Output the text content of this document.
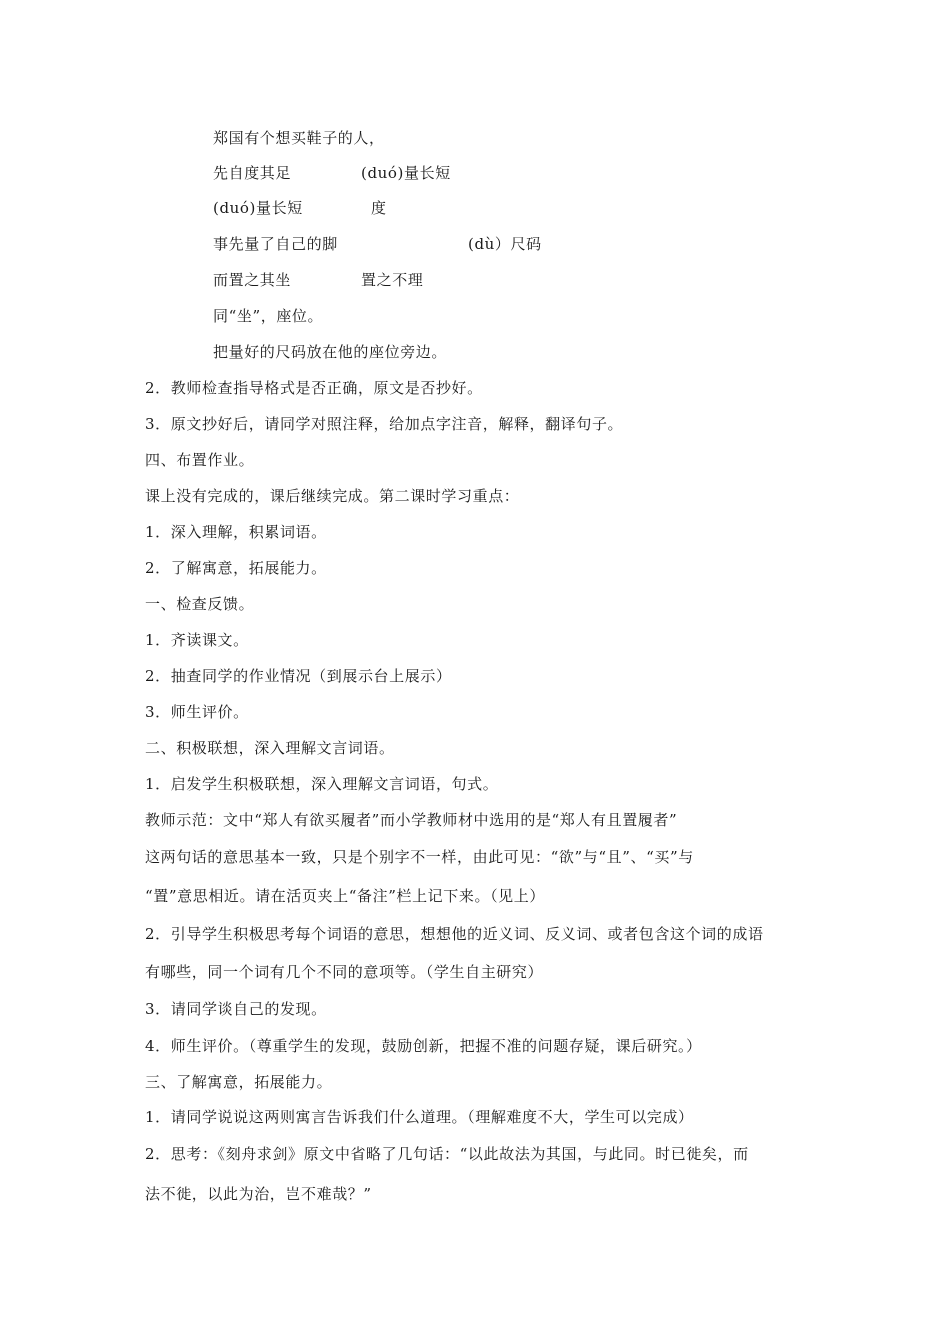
郑国有个想买鞋子的人，
先自度其足	(duó)量长短
(duó)量长短	度
事先量了自己的脚	(dù）尺码
而置之其坐	置之不理
同“坐”，座位。
把量好的尺码放在他的座位旁边。
2．教师检查指导格式是否正确，原文是否抄好。
3．原文抄好后，请同学对照注释，给加点字注音，解释，翻译句子。
四、布置作业。
课上没有完成的，课后继续完成。第二课时学习重点：
1．深入理解，积累词语。
2．了解寓意，拓展能力。
一、检查反馈。
1．齐读课文。
2．抽查同学的作业情况（到展示台上展示）
3．师生评价。
二、积极联想，深入理解文言词语。
1．启发学生积极联想，深入理解文言词语，句式。
教师示范：文中“郑人有欲买履者”而小学教师材中选用的是“郑人有且置履者”
这两句话的意思基本一致，只是个别字不一样，由此可见：“欲”与“且”、“买”与
“置”意思相近。请在活页夹上“备注”栏上记下来。（见上）
2．引导学生积极思考每个词语的意思，想想他的近义词、反义词、或者包含这个词的成语
有哪些，同一个词有几个不同的意项等。（学生自主研究）
3．请同学谈自己的发现。
4．师生评价。（尊重学生的发现，鼓励创新，把握不准的问题存疑，课后研究。）
三、了解寓意，拓展能力。
1．请同学说说这两则寓言告诉我们什么道理。（理解难度不大，学生可以完成）
2．思考：《刻舟求剑》原文中省略了几句话：“以此故法为其国，与此同。时已徙矣，而
法不徙，以此为治，岂不难哉？”
